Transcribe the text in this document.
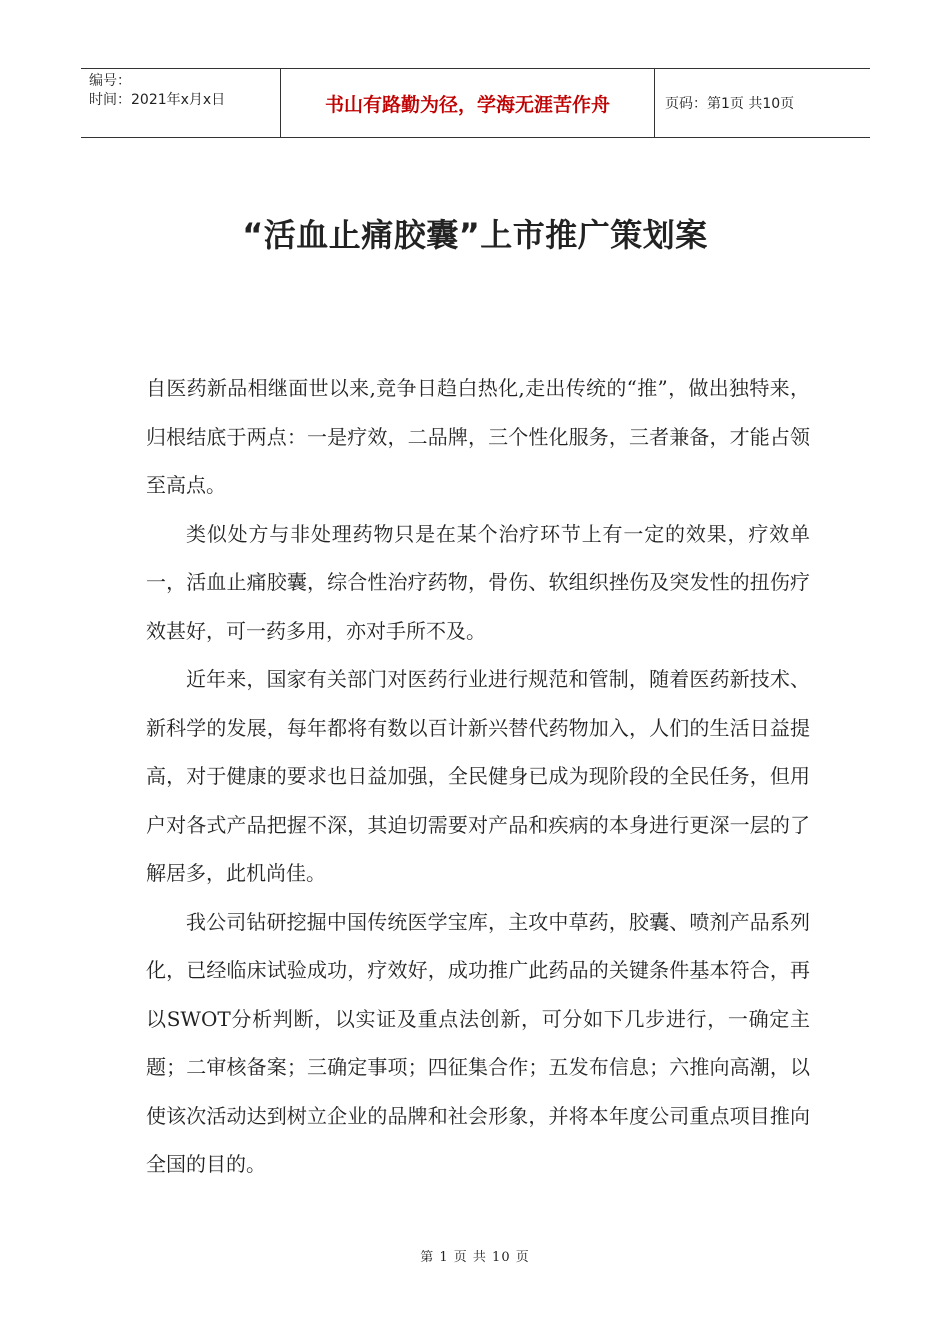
编号：
时间：2021年x月x日	书山有路勤为径，学海无涯苦作舟	页码：第1页 共10页
“活血止痛胶囊”上市推广策划案

自医药新品相继面世以来,竞争日趋白热化,走出传统的“推”，做出独特来，归根结底于两点：一是疗效，二品牌，三个性化服务，三者兼备，才能占领至高点。

类似处方与非处理药物只是在某个治疗环节上有一定的效果，疗效单一，活血止痛胶囊，综合性治疗药物，骨伤、软组织挫伤及突发性的扭伤疗效甚好，可一药多用，亦对手所不及。

近年来，国家有关部门对医药行业进行规范和管制，随着医药新技术、新科学的发展，每年都将有数以百计新兴替代药物加入，人们的生活日益提高，对于健康的要求也日益加强，全民健身已成为现阶段的全民任务，但用户对各式产品把握不深，其迫切需要对产品和疾病的本身进行更深一层的了解居多，此机尚佳。

我公司钻研挖掘中国传统医学宝库，主攻中草药，胶囊、喷剂产品系列化，已经临床试验成功，疗效好，成功推广此药品的关键条件基本符合，再以SWOT分析判断，以实证及重点法创新，可分如下几步进行，一确定主题；二审核备案；三确定事项；四征集合作；五发布信息；六推向高潮，以使该次活动达到树立企业的品牌和社会形象，并将本年度公司重点项目推向全国的目的。

第 1 页 共 10 页
